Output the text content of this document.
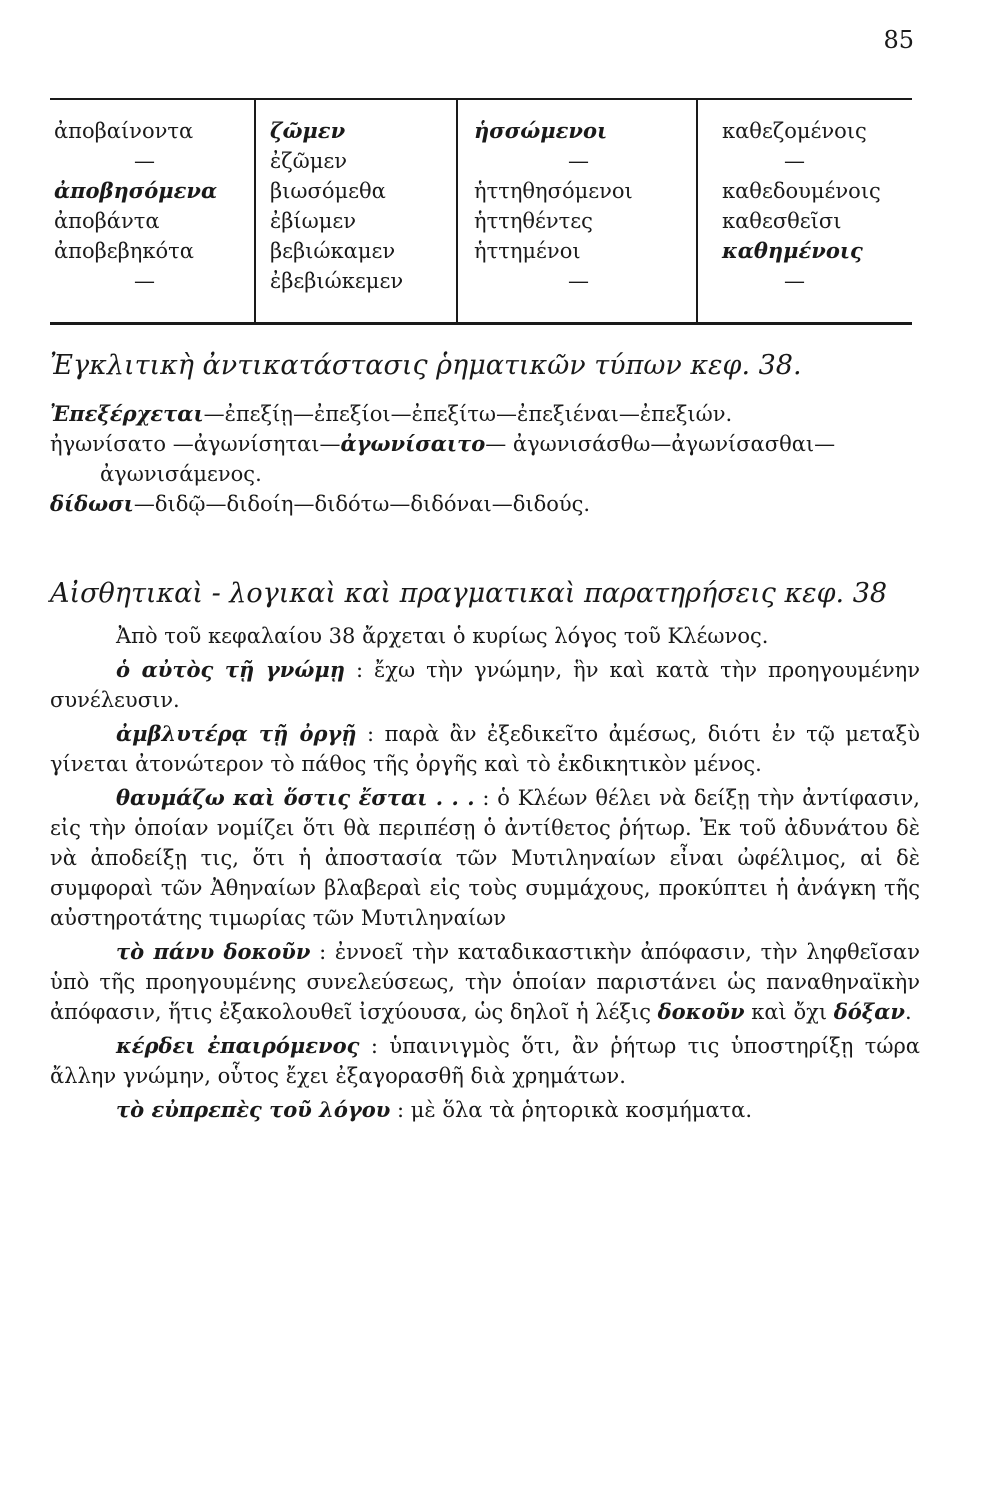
85
ἀποβαίνοντα
—
ἀποβησόμενα
ἀποβάντα
ἀποβεβηκότα
—
ζῶμεν
ἐζῶμεν
βιωσόμεθα
ἐβίωμεν
βεβιώκαμεν
ἐβεβιώκεμεν
ἡσσώμενοι
—
ἡττηθησόμενοι
ἡττηθέντες
ἡττημένοι
—
καθεζομένοις
—
καθεδουμένοις
καθεσθεῖσι
καθημένοις
—
Ἐγκλιτικὴ ἀντικατάστασις ῥηματικῶν τύπων κεφ. 38.
Ἐπεξέρχεται—ἐπεξίῃ—ἐπεξίοι—ἐπεξίτω—ἐπεξιέναι—ἐπεξιών.
ἠγωνίσατο —ἀγωνίσηται—ἀγωνίσαιτο— ἀγωνισάσθω—ἀγωνίσασθαι—
ἀγωνισάμενος.
δίδωσι—διδῷ—διδοίη—διδότω—διδόναι—διδούς.
Αἰσθητικαὶ - λογικαὶ καὶ πραγματικαὶ παρατηρήσεις κεφ. 38
Ἀπὸ τοῦ κεφαλαίου 38 ἄρχεται ὁ κυρίως λόγος τοῦ Κλέωνος.
ὁ αὐτὸς τῇ γνώμῃ : ἔχω τὴν γνώμην, ἣν καὶ κατὰ τὴν προηγουμένην συνέλευσιν.
ἀμβλυτέρᾳ τῇ ὀργῇ : παρὰ ἂν ἐξεδικεῖτο ἀμέσως, διότι ἐν τῷ μεταξὺ γίνεται ἀτονώτερον τὸ πάθος τῆς ὀργῆς καὶ τὸ ἐκδικητικὸν μένος.
θαυμάζω καὶ ὅστις ἔσται . . . : ὁ Κλέων θέλει νὰ δείξῃ τὴν ἀντίφασιν, εἰς τὴν ὁποίαν νομίζει ὅτι θὰ περιπέσῃ ὁ ἀντίθετος ῥήτωρ. Ἐκ τοῦ ἀδυνάτου δὲ νὰ ἀποδείξῃ τις, ὅτι ἡ ἀποστασία τῶν Μυτιληναίων εἶναι ὠφέλιμος, αἱ δὲ συμφοραὶ τῶν Ἀθηναίων βλαβεραὶ εἰς τοὺς συμμάχους, προκύπτει ἡ ἀνάγκη τῆς αὐστηροτάτης τιμωρίας τῶν Μυτιληναίων
τὸ πάνυ δοκοῦν : ἐννοεῖ τὴν καταδικαστικὴν ἀπόφασιν, τὴν ληφθεῖσαν ὑπὸ τῆς προηγουμένης συνελεύσεως, τὴν ὁποίαν παριστάνει ὡς παναθηναϊκὴν ἀπόφασιν, ἥτις ἐξακολουθεῖ ἰσχύουσα, ὡς δηλοῖ ἡ λέξις δοκοῦν καὶ ὄχι δόξαν.
κέρδει ἐπαιρόμενος : ὑπαινιγμὸς ὅτι, ἂν ῥήτωρ τις ὑποστηρίξῃ τώρα ἄλλην γνώμην, οὗτος ἔχει ἐξαγορασθῆ διὰ χρημάτων.
τὸ εὐπρεπὲς τοῦ λόγου : μὲ ὅλα τὰ ῥητορικὰ κοσμήματα.
